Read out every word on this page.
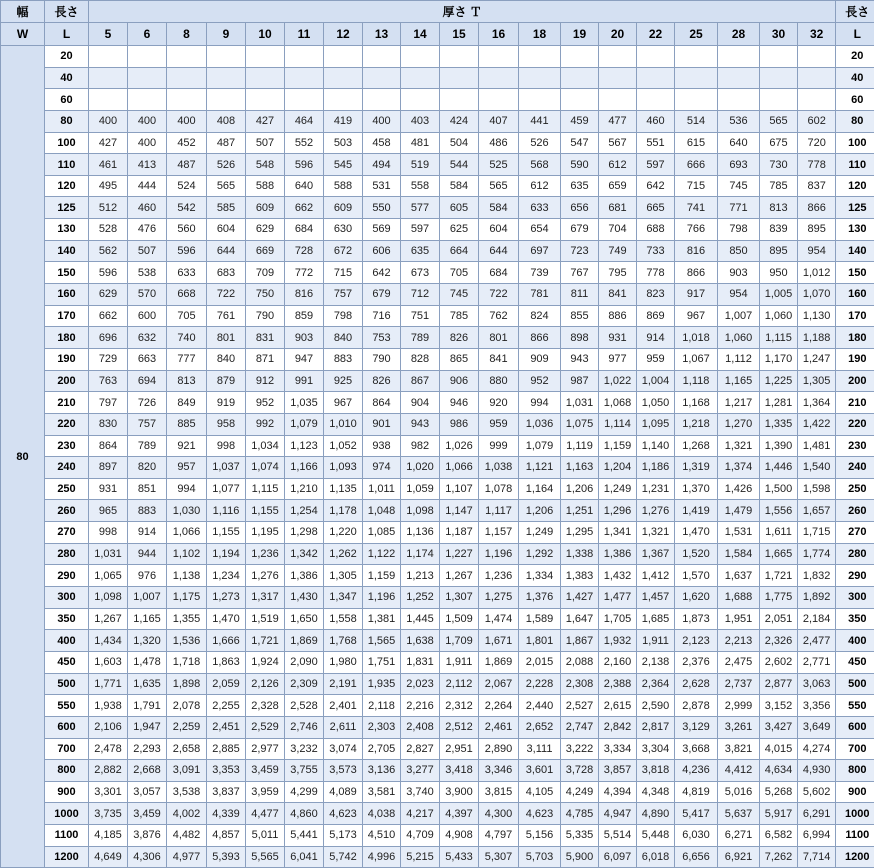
幅	長さ	厚さ Ｔ																			長さ
W	L	5	6	8	9	10	11	12	13	14	15	16	18	19	20	22	25	28	30	32	L
80	20																				20
	40																				40
	60																				60
	80	400	400	400	408	427	464	419	400	403	424	407	441	459	477	460	514	536	565	602	80
	100	427	400	452	487	507	552	503	458	481	504	486	526	547	567	551	615	640	675	720	100
	110	461	413	487	526	548	596	545	494	519	544	525	568	590	612	597	666	693	730	778	110
	120	495	444	524	565	588	640	588	531	558	584	565	612	635	659	642	715	745	785	837	120
	125	512	460	542	585	609	662	609	550	577	605	584	633	656	681	665	741	771	813	866	125
	130	528	476	560	604	629	684	630	569	597	625	604	654	679	704	688	766	798	839	895	130
	140	562	507	596	644	669	728	672	606	635	664	644	697	723	749	733	816	850	895	954	140
	150	596	538	633	683	709	772	715	642	673	705	684	739	767	795	778	866	903	950	1,012	150
	160	629	570	668	722	750	816	757	679	712	745	722	781	811	841	823	917	954	1,005	1,070	160
	170	662	600	705	761	790	859	798	716	751	785	762	824	855	886	869	967	1,007	1,060	1,130	170
	180	696	632	740	801	831	903	840	753	789	826	801	866	898	931	914	1,018	1,060	1,115	1,188	180
	190	729	663	777	840	871	947	883	790	828	865	841	909	943	977	959	1,067	1,112	1,170	1,247	190
	200	763	694	813	879	912	991	925	826	867	906	880	952	987	1,022	1,004	1,118	1,165	1,225	1,305	200
	210	797	726	849	919	952	1,035	967	864	904	946	920	994	1,031	1,068	1,050	1,168	1,217	1,281	1,364	210
	220	830	757	885	958	992	1,079	1,010	901	943	986	959	1,036	1,075	1,114	1,095	1,218	1,270	1,335	1,422	220
	230	864	789	921	998	1,034	1,123	1,052	938	982	1,026	999	1,079	1,119	1,159	1,140	1,268	1,321	1,390	1,481	230
	240	897	820	957	1,037	1,074	1,166	1,093	974	1,020	1,066	1,038	1,121	1,163	1,204	1,186	1,319	1,374	1,446	1,540	240
	250	931	851	994	1,077	1,115	1,210	1,135	1,011	1,059	1,107	1,078	1,164	1,206	1,249	1,231	1,370	1,426	1,500	1,598	250
	260	965	883	1,030	1,116	1,155	1,254	1,178	1,048	1,098	1,147	1,117	1,206	1,251	1,296	1,276	1,419	1,479	1,556	1,657	260
	270	998	914	1,066	1,155	1,195	1,298	1,220	1,085	1,136	1,187	1,157	1,249	1,295	1,341	1,321	1,470	1,531	1,611	1,715	270
	280	1,031	944	1,102	1,194	1,236	1,342	1,262	1,122	1,174	1,227	1,196	1,292	1,338	1,386	1,367	1,520	1,584	1,665	1,774	280
	290	1,065	976	1,138	1,234	1,276	1,386	1,305	1,159	1,213	1,267	1,236	1,334	1,383	1,432	1,412	1,570	1,637	1,721	1,832	290
	300	1,098	1,007	1,175	1,273	1,317	1,430	1,347	1,196	1,252	1,307	1,275	1,376	1,427	1,477	1,457	1,620	1,688	1,775	1,892	300
	350	1,267	1,165	1,355	1,470	1,519	1,650	1,558	1,381	1,445	1,509	1,474	1,589	1,647	1,705	1,685	1,873	1,951	2,051	2,184	350
	400	1,434	1,320	1,536	1,666	1,721	1,869	1,768	1,565	1,638	1,709	1,671	1,801	1,867	1,932	1,911	2,123	2,213	2,326	2,477	400
	450	1,603	1,478	1,718	1,863	1,924	2,090	1,980	1,751	1,831	1,911	1,869	2,015	2,088	2,160	2,138	2,376	2,475	2,602	2,771	450
	500	1,771	1,635	1,898	2,059	2,126	2,309	2,191	1,935	2,023	2,112	2,067	2,228	2,308	2,388	2,364	2,628	2,737	2,877	3,063	500
	550	1,938	1,791	2,078	2,255	2,328	2,528	2,401	2,118	2,216	2,312	2,264	2,440	2,527	2,615	2,590	2,878	2,999	3,152	3,356	550
	600	2,106	1,947	2,259	2,451	2,529	2,746	2,611	2,303	2,408	2,512	2,461	2,652	2,747	2,842	2,817	3,129	3,261	3,427	3,649	600
	700	2,478	2,293	2,658	2,885	2,977	3,232	3,074	2,705	2,827	2,951	2,890	3,111	3,222	3,334	3,304	3,668	3,821	4,015	4,274	700
	800	2,882	2,668	3,091	3,353	3,459	3,755	3,573	3,136	3,277	3,418	3,346	3,601	3,728	3,857	3,818	4,236	4,412	4,634	4,930	800
	900	3,301	3,057	3,538	3,837	3,959	4,299	4,089	3,581	3,740	3,900	3,815	4,105	4,249	4,394	4,348	4,819	5,016	5,268	5,602	900
	1000	3,735	3,459	4,002	4,339	4,477	4,860	4,623	4,038	4,217	4,397	4,300	4,623	4,785	4,947	4,890	5,417	5,637	5,917	6,291	1000
	1100	4,185	3,876	4,482	4,857	5,011	5,441	5,173	4,510	4,709	4,908	4,797	5,156	5,335	5,514	5,448	6,030	6,271	6,582	6,994	1100
	1200	4,649	4,306	4,977	5,393	5,565	6,041	5,742	4,996	5,215	5,433	5,307	5,703	5,900	6,097	6,018	6,656	6,921	7,262	7,714	1200
